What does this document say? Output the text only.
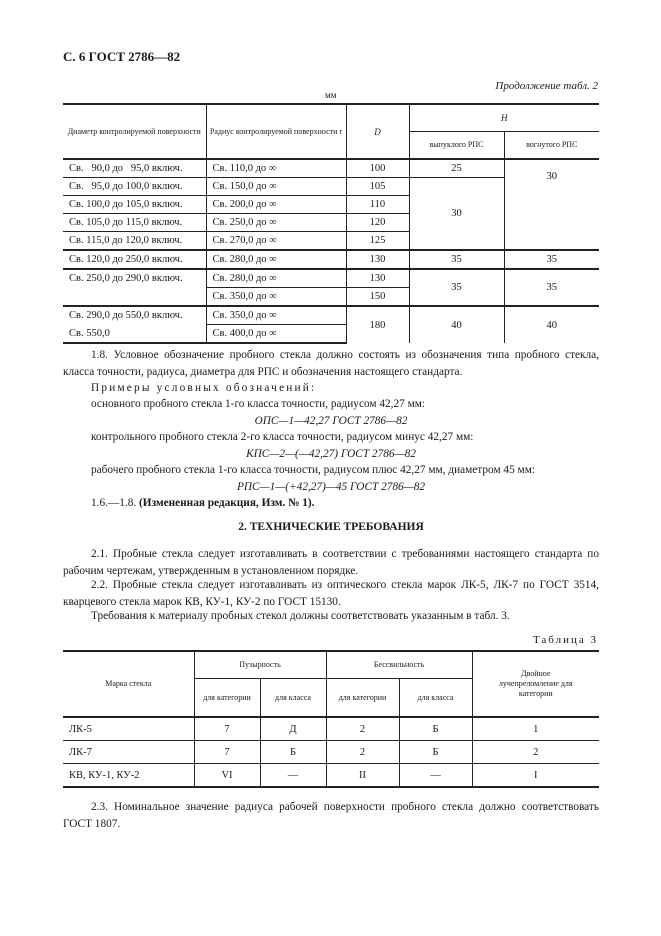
С. 6 ГОСТ 2786—82
Продолжение табл. 2
мм
Диаметр контролируемой поверхности	Радиус контролируемой поверхности r	D	H	
			выпуклого РПС	вогнутого РПС
Св.   90,0 до   95,0 включ.	Св. 110,0 до ∞	100	25	30
Св.   95,0 до 100,0 включ.	Св. 150,0 до ∞	105	30	
Св. 100,0 до 105,0 включ.	Св. 200,0 до ∞	110		
Св. 105,0 до 115,0 включ.	Св. 250,0 до ∞	120		
Св. 115,0 до 120,0 включ.	Св. 270,0 до ∞	125		
Св. 120,0 до 250,0 включ.	Св. 280,0 до ∞	130	35	35
Св. 250,0 до 290,0 включ.	Св. 280,0 до ∞	130	35	35
	Св. 350,0 до ∞	150		
Св. 290,0 до 550,0 включ.	Св. 350,0 до ∞	180	40	40
Св. 550,0	Св. 400,0 до ∞			
1.8. Условное обозначение пробного стекла должно состоять из обозначения типа пробного стекла, класса точности, радиуса, диаметра для РПС и обозначения настоящего стандарта.
Примеры условных обозначений:
основного пробного стекла 1-го класса точности, радиусом 42,27 мм:
ОПС—1—42,27 ГОСТ 2786—82
контрольного пробного стекла 2-го класса точности, радиусом минус 42,27 мм:
КПС—2—(—42,27) ГОСТ 2786—82
рабочего пробного стекла 1-го класса точности, радиусом плюс 42,27 мм, диаметром 45 мм:
РПС—1—(+42,27)—45 ГОСТ 2786—82
1.6.—1.8. (Измененная редакция, Изм. № 1).
2. ТЕХНИЧЕСКИЕ ТРЕБОВАНИЯ
2.1. Пробные стекла следует изготавливать в соответствии с требованиями настоящего стандарта по рабочим чертежам, утвержденным в установленном порядке.
2.2. Пробные стекла следует изготавливать из оптического стекла марок ЛК-5, ЛК-7 по ГОСТ 3514, кварцевого стекла марок КВ, КУ-1, КУ-2 по ГОСТ 15130.
Требования к материалу пробных стекол должны соответствовать указанным в табл. 3.
Таблица 3
Марка стекла	Пузырность		Бессвильность		Двойное лучепреломление для категории
	для категории	для класса	для категории	для класса	
ЛК-5	7	Д	2	Б	1
ЛК-7	7	Б	2	Б	2
КВ, КУ-1, КУ-2	VI	—	II	—	I
2.3. Номинальное значение радиуса рабочей поверхности пробного стекла должно соответствовать ГОСТ 1807.
